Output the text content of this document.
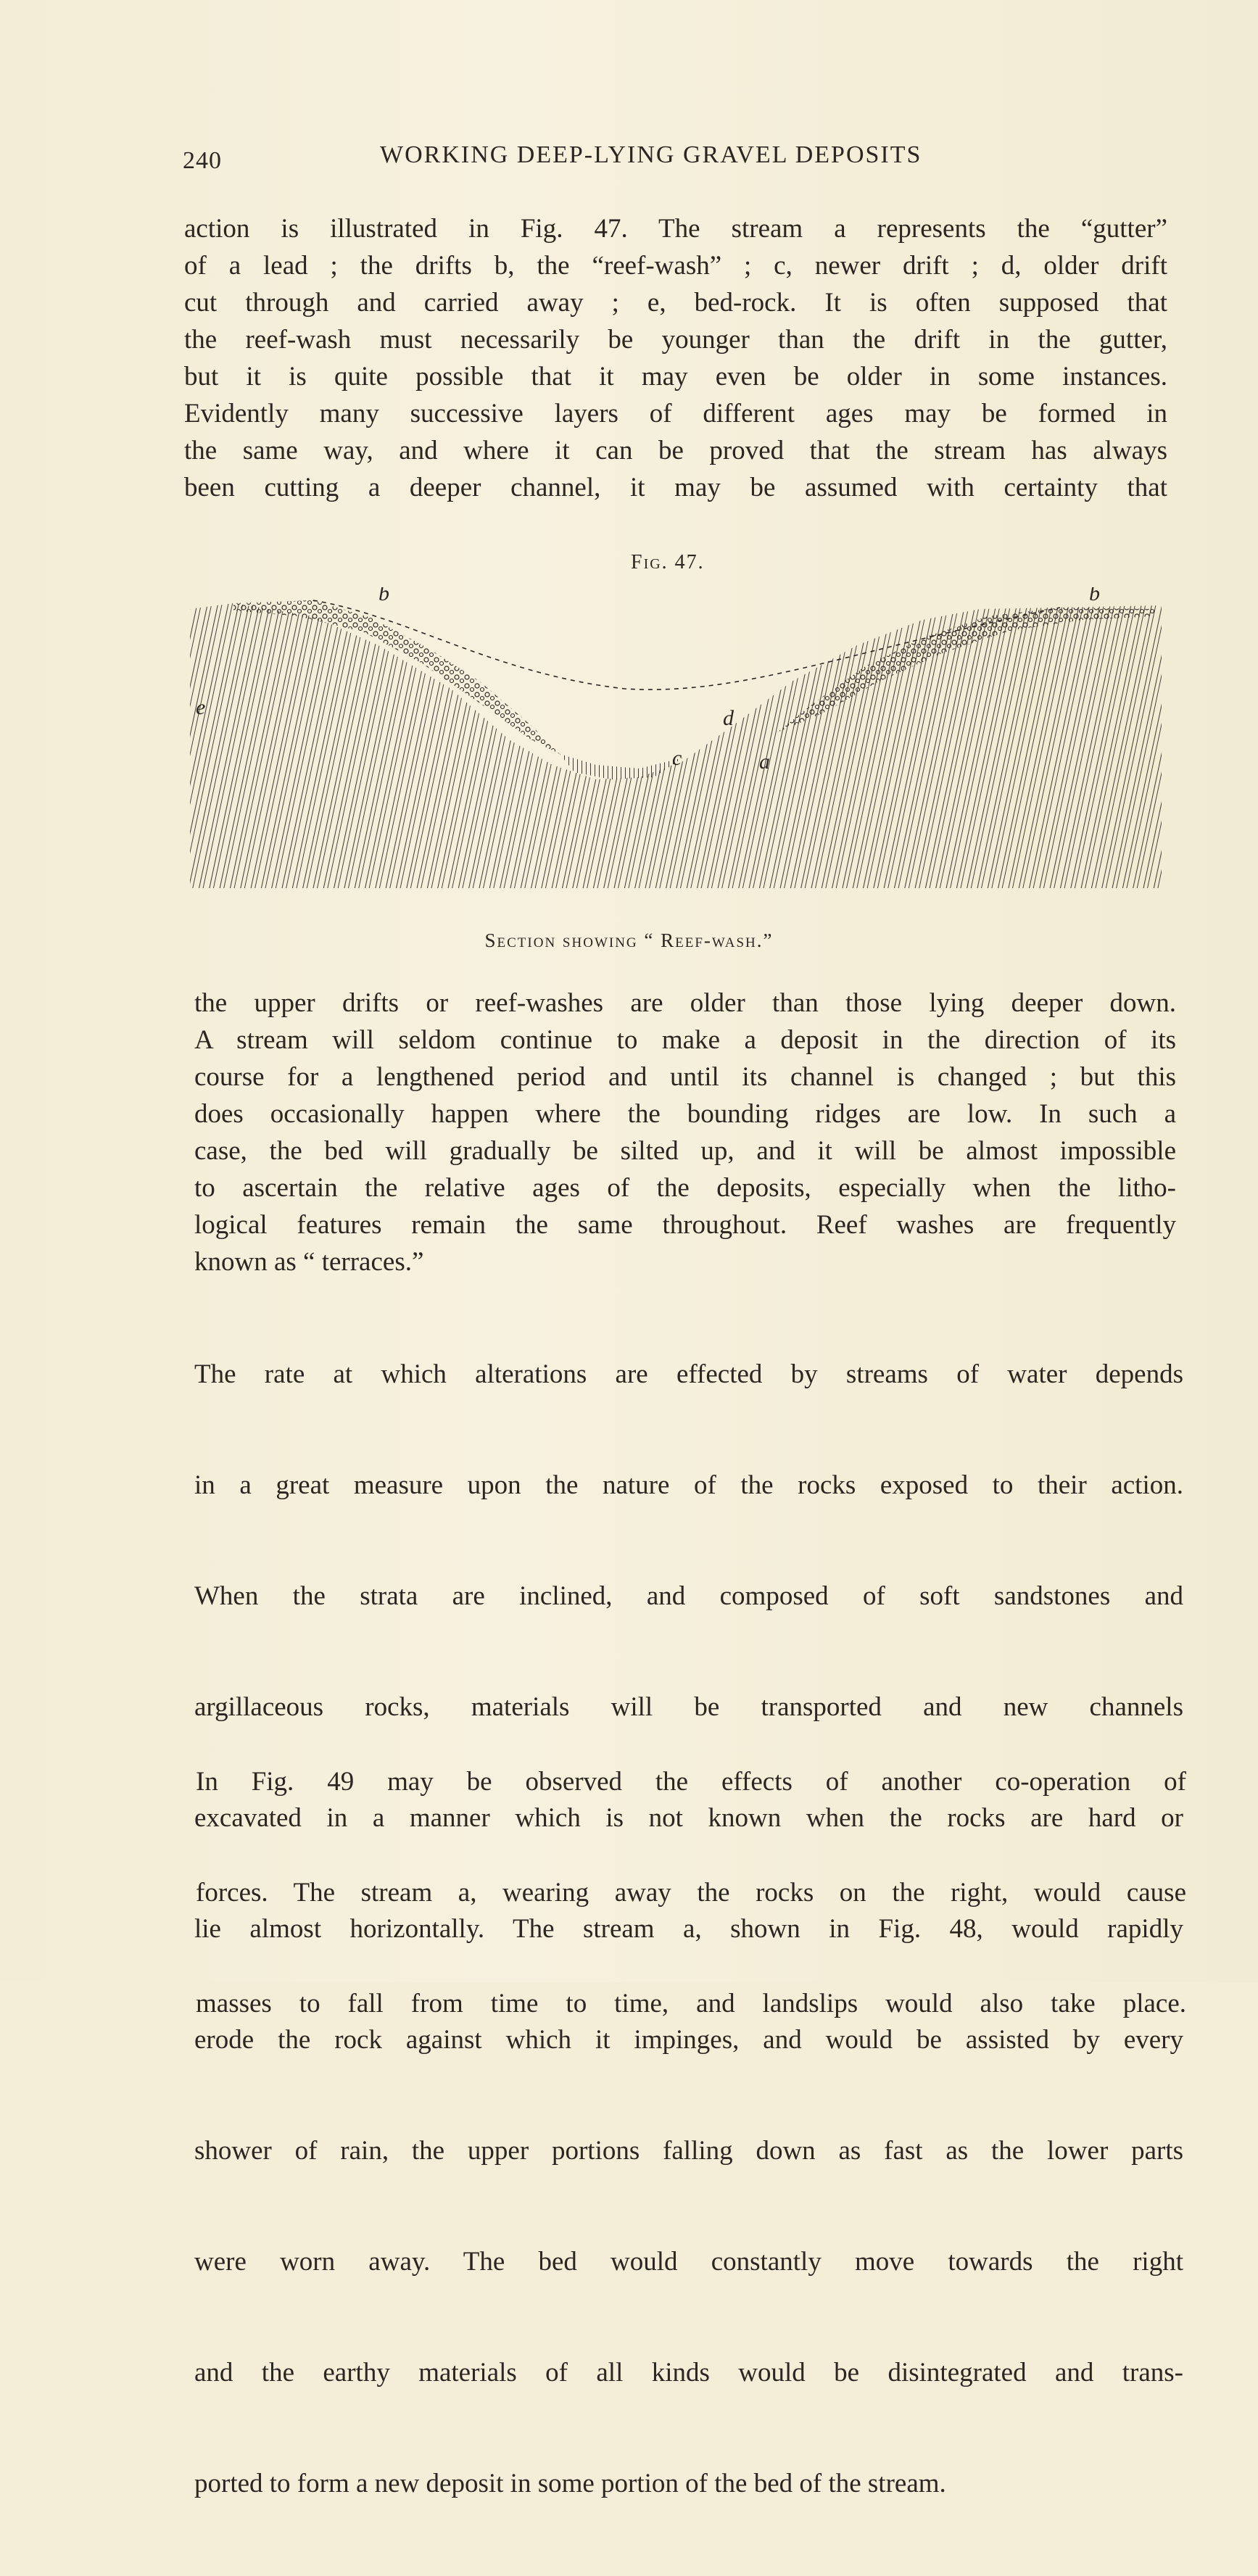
240	WORKING DEEP-LYING GRAVEL DEPOSITS
action is illustrated in Fig. 47. The stream a represents the “gutter”
of a lead ; the drifts b, the “reef-wash” ; c, newer drift ; d, older drift
cut through and carried away ; e, bed-rock. It is often supposed that
the reef-wash must necessarily be younger than the drift in the gutter,
but it is quite possible that it may even be older in some instances.
Evidently many successive layers of different ages may be formed in
the same way, and where it can be proved that the stream has always
been cutting a deeper channel, it may be assumed with certainty that
Fig. 47.
b	b
e	d
c	a
Section showing “ Reef-wash.”
the upper drifts or reef-washes are older than those lying deeper down.
A stream will seldom continue to make a deposit in the direction of its
course for a lengthened period and until its channel is changed ; but this
does occasionally happen where the bounding ridges are low. In such a
case, the bed will gradually be silted up, and it will be almost impossible
to ascertain the relative ages of the deposits, especially when the litho-
logical features remain the same throughout. Reef washes are frequently
known as “ terraces.”

The rate at which alterations are effected by streams of water depends

in a great measure upon the nature of the rocks exposed to their action.

When the strata are inclined, and composed of soft sandstones and

argillaceous rocks, materials will be transported and new channels

excavated in a manner which is not known when the rocks are hard or

lie almost horizontally. The stream a, shown in Fig. 48, would rapidly

erode the rock against which it impinges, and would be assisted by every

shower of rain, the upper portions falling down as fast as the lower parts

were worn away. The bed would constantly move towards the right

and the earthy materials of all kinds would be disintegrated and trans-

ported to form a new deposit in some portion of the bed of the stream.

In Fig. 49 may be observed the effects of another co-operation of

forces. The stream a, wearing away the rocks on the right, would cause

masses to fall from time to time, and landslips would also take place.
